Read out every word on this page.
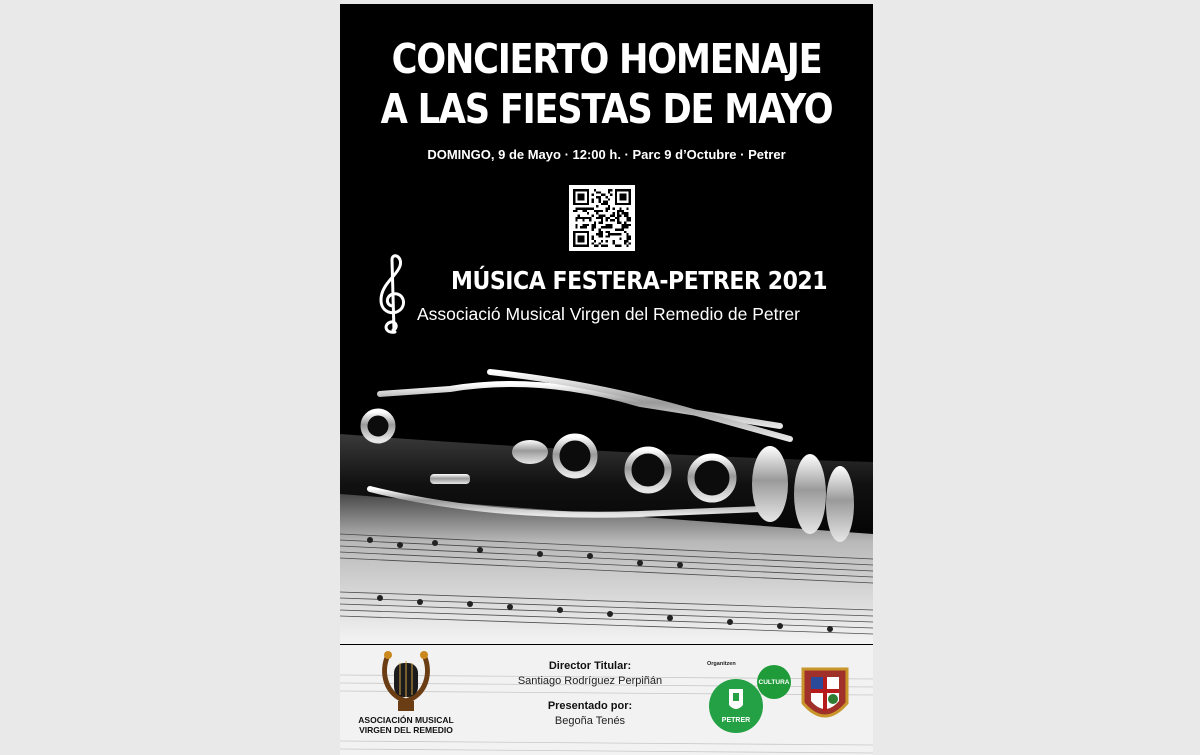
CONCIERTO HOMENAJE
A LAS FIESTAS DE MAYO
DOMINGO, 9 de Mayo · 12:00 h. · Parc 9 d’Octubre · Petrer
MÚSICA FESTERA-PETRER 2021
Associació Musical Virgen del Remedio de Petrer
ASOCIACIÓN MUSICAL
VIRGEN DEL REMEDIO
Director Titular:
Santiago Rodríguez Perpiñán
Presentado por:
Begoña Tenés
Organitzen
CULTURA
PETRER
